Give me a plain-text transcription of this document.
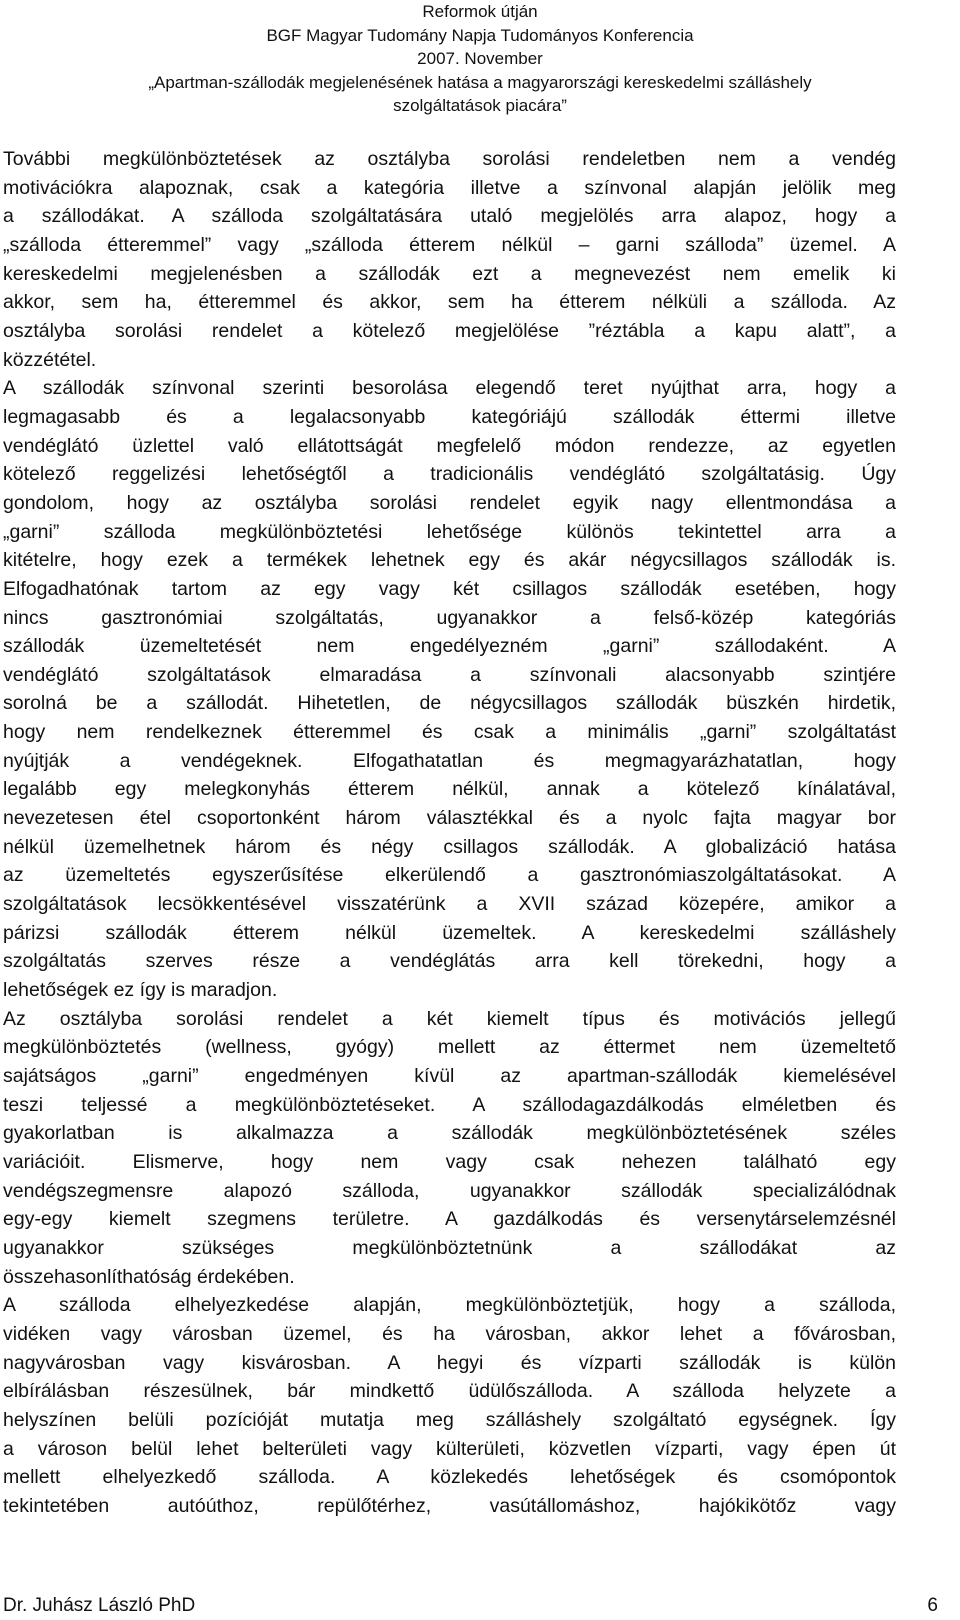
Reformok útján
BGF Magyar Tudomány Napja Tudományos Konferencia
2007. November
„Apartman-szállodák megjelenésének hatása a magyarországi kereskedelmi szálláshely
szolgáltatások piacára”
További megkülönböztetések az osztályba sorolási rendeletben nem a vendég
motivációkra alapoznak, csak a kategória illetve a színvonal alapján jelölik meg
a szállodákat. A szálloda szolgáltatására utaló megjelölés arra alapoz, hogy a
„szálloda étteremmel” vagy „szálloda étterem nélkül – garni szálloda” üzemel. A
kereskedelmi megjelenésben a szállodák ezt a megnevezést nem emelik ki
akkor, sem ha, étteremmel és akkor, sem ha étterem nélküli a szálloda. Az
osztályba sorolási rendelet a kötelező megjelölése ”réztábla a kapu alatt”, a
közzététel.
A szállodák színvonal szerinti besorolása elegendő teret nyújthat arra, hogy a
legmagasabb és a legalacsonyabb kategóriájú szállodák éttermi illetve
vendéglátó üzlettel való ellátottságát megfelelő módon rendezze, az egyetlen
kötelező reggelizési lehetőségtől a tradicionális vendéglátó szolgáltatásig. Úgy
gondolom, hogy az osztályba sorolási rendelet egyik nagy ellentmondása a
„garni” szálloda megkülönböztetési lehetősége különös tekintettel arra a
kitételre, hogy ezek a termékek lehetnek egy és akár négycsillagos szállodák is.
Elfogadhatónak tartom az egy vagy két csillagos szállodák esetében, hogy
nincs gasztronómiai szolgáltatás, ugyanakkor a felső-közép kategóriás
szállodák üzemeltetését nem engedélyezném „garni” szállodaként. A
vendéglátó szolgáltatások elmaradása a színvonali alacsonyabb szintjére
sorolná be a szállodát. Hihetetlen, de négycsillagos szállodák büszkén hirdetik,
hogy nem rendelkeznek étteremmel és csak a minimális „garni” szolgáltatást
nyújtják a vendégeknek. Elfogathatatlan és megmagyarázhatatlan, hogy
legalább egy melegkonyhás étterem nélkül, annak a kötelező kínálatával,
nevezetesen étel csoportonként három választékkal és a nyolc fajta magyar bor
nélkül üzemelhetnek három és négy csillagos szállodák. A globalizáció hatása
az üzemeltetés egyszerűsítése elkerülendő a gasztronómiaszolgáltatásokat. A
szolgáltatások lecsökkentésével visszatérünk a XVII század közepére, amikor a
párizsi szállodák étterem nélkül üzemeltek. A kereskedelmi szálláshely
szolgáltatás szerves része a vendéglátás arra kell törekedni, hogy a
lehetőségek ez így is maradjon.
Az osztályba sorolási rendelet a két kiemelt típus és motivációs jellegű
megkülönböztetés (wellness, gyógy) mellett az éttermet nem üzemeltető
sajátságos „garni” engedményen kívül az apartman-szállodák kiemelésével
teszi teljessé a megkülönböztetéseket. A szállodagazdálkodás elméletben és
gyakorlatban is alkalmazza a szállodák megkülönböztetésének széles
variációit. Elismerve, hogy nem vagy csak nehezen található egy
vendégszegmensre alapozó szálloda, ugyanakkor szállodák specializálódnak
egy-egy kiemelt szegmens területre. A gazdálkodás és versenytárselemzésnél
ugyanakkor szükséges megkülönböztetnünk a szállodákat az
összehasonlíthatóság érdekében.
A szálloda elhelyezkedése alapján, megkülönböztetjük, hogy a szálloda,
vidéken vagy városban üzemel, és ha városban, akkor lehet a fővárosban,
nagyvárosban vagy kisvárosban. A hegyi és vízparti szállodák is külön
elbírálásban részesülnek, bár mindkettő üdülőszálloda. A szálloda helyzete a
helyszínen belüli pozícióját mutatja meg szálláshely szolgáltató egységnek. Így
a városon belül lehet belterületi vagy külterületi, közvetlen vízparti, vagy épen út
mellett elhelyezkedő szálloda. A közlekedés lehetőségek és csomópontok
tekintetében autóúthoz, repülőtérhez, vasútállomáshoz, hajókikötőz vagy
Dr. Juhász László PhD	6
